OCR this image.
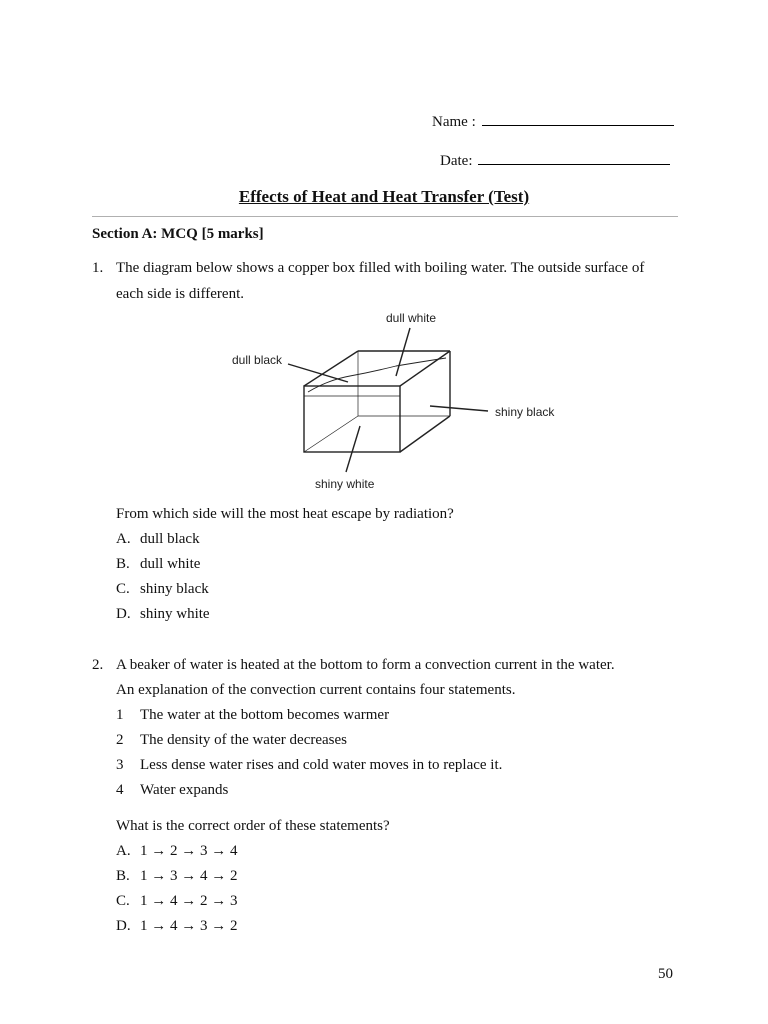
Name :
Date:
Effects of Heat and Heat Transfer (Test)
Section A: MCQ [5 marks]
1. The diagram below shows a copper box filled with boiling water. The outside surface of
each side is different.
dull white
dull black
shiny black
shiny white
From which side will the most heat escape by radiation?
A. dull black
B. dull white
C. shiny black
D. shiny white
2. A beaker of water is heated at the bottom to form a convection current in the water.
An explanation of the convection current contains four statements.
1 The water at the bottom becomes warmer
2 The density of the water decreases
3 Less dense water rises and cold water moves in to replace it.
4 Water expands
What is the correct order of these statements?
A. 1 → 2 → 3 → 4
B. 1 → 3 → 4 → 2
C. 1 → 4 → 2 → 3
D. 1 → 4 → 3 → 2
50
